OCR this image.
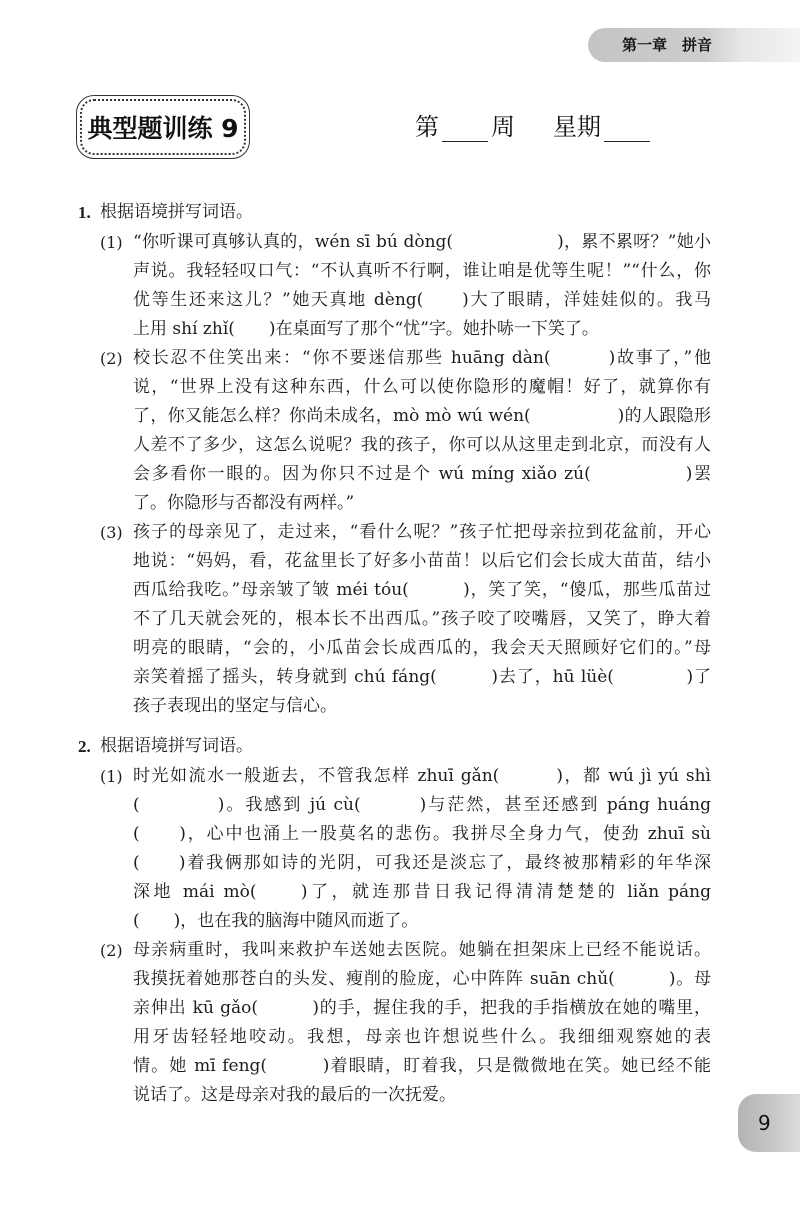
第一章　拼音
典型题训练 9	第 周 星期
1. 根据语境拼写词语。
(1) “你听课可真够认真的，wén sī bú dòng(　　　　　　)，累不累呀？”她小
声说。我轻轻叹口气：“不认真听不行啊，谁让咱是优等生呢！”“什么，你
优等生还来这儿？”她天真地 dèng(　　)大了眼睛，洋娃娃似的。我马
上用 shí zhǐ(　　)在桌面写了那个“忧”字。她扑哧一下笑了。
(2) 校长忍不住笑出来：“你不要迷信那些 huāng dàn(　　　)故事了，”他
说，“世界上没有这种东西，什么可以使你隐形的魔帽！好了，就算你有
了，你又能怎么样？你尚未成名，mò mò wú wén(　　　　　)的人跟隐形
人差不了多少，这怎么说呢？我的孩子，你可以从这里走到北京，而没有人
会多看你一眼的。因为你只不过是个 wú míng xiǎo zú(　　　　　)罢
了。你隐形与否都没有两样。”
(3) 孩子的母亲见了，走过来，“看什么呢？”孩子忙把母亲拉到花盆前，开心
地说：“妈妈，看，花盆里长了好多小苗苗！以后它们会长成大苗苗，结小
西瓜给我吃。”母亲皱了皱 méi tóu(　　　)，笑了笑，“傻瓜，那些瓜苗过
不了几天就会死的，根本长不出西瓜。”孩子咬了咬嘴唇，又笑了，睁大着
明亮的眼睛，“会的，小瓜苗会长成西瓜的，我会天天照顾好它们的。”母
亲笑着摇了摇头，转身就到 chú fáng(　　　)去了，hū lüè(　　　　)了
孩子表现出的坚定与信心。
2. 根据语境拼写词语。
(1) 时光如流水一般逝去，不管我怎样 zhuī gǎn(　　　)，都 wú jì yú shì
(　　　　)。我感到 jú cù(　　　)与茫然，甚至还感到 páng huáng
(　　)，心中也涌上一股莫名的悲伤。我拼尽全身力气，使劲 zhuī sù
(　　)着我俩那如诗的光阴，可我还是淡忘了，最终被那精彩的年华深
深地 mái mò(　　)了，就连那昔日我记得清清楚楚的 liǎn páng
(　　)，也在我的脑海中随风而逝了。
(2) 母亲病重时，我叫来救护车送她去医院。她躺在担架床上已经不能说话。
我摸抚着她那苍白的头发、瘦削的脸庞，心中阵阵 suān chǔ(　　　)。母
亲伸出 kū gǎo(　　　)的手，握住我的手，把我的手指横放在她的嘴里，
用牙齿轻轻地咬动。我想，母亲也许想说些什么。我细细观察她的表
情。她 mī feng(　　　)着眼睛，盯着我，只是微微地在笑。她已经不能
说话了。这是母亲对我的最后的一次抚爱。
9
